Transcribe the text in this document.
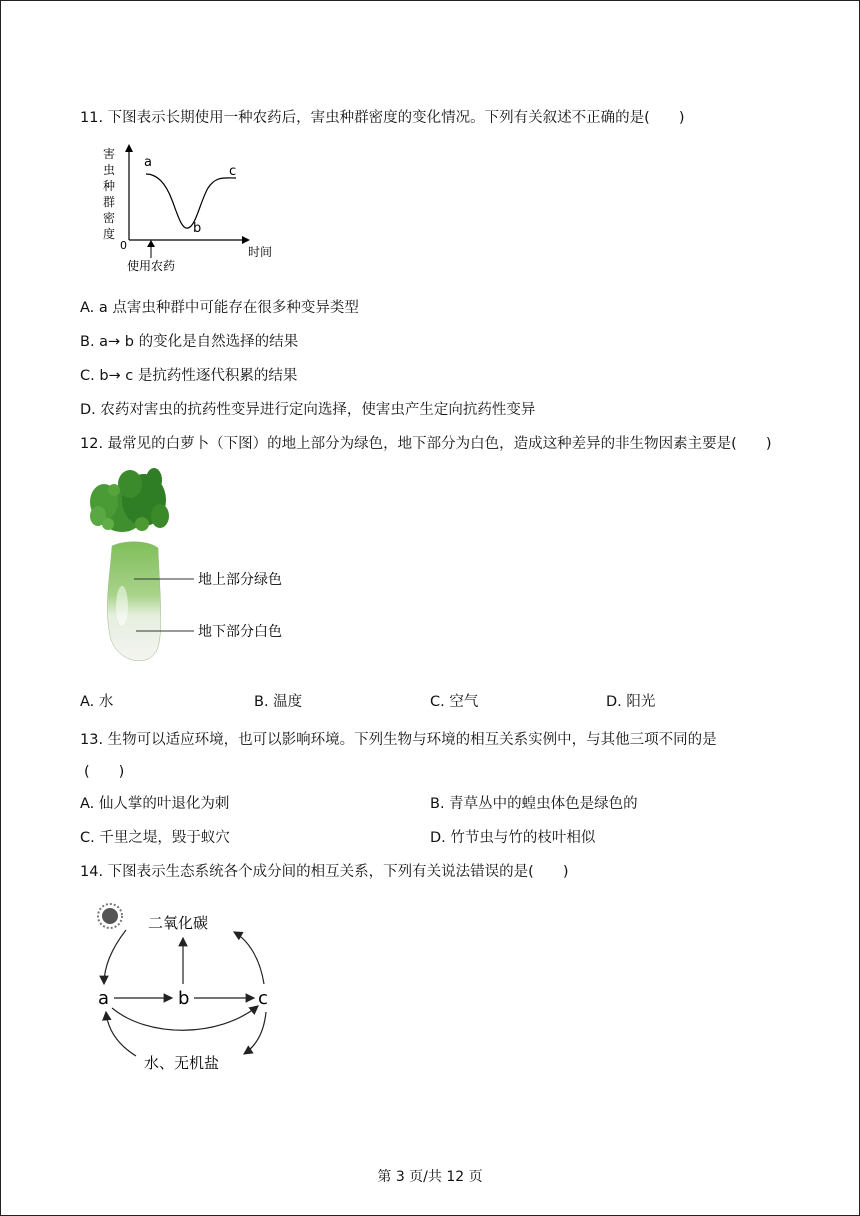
11. 下图表示长期使用一种农药后，害虫种群密度的变化情况。下列有关叙述不正确的是(　　)
害
虫
种
群
密
度
0	时间
使用农药
a
b
c
A. a 点害虫种群中可能存在很多种变异类型
B. a→ b 的变化是自然选择的结果
C. b→ c 是抗药性逐代积累的结果
D. 农药对害虫的抗药性变异进行定向选择，使害虫产生定向抗药性变异
12. 最常见的白萝卜（下图）的地上部分为绿色，地下部分为白色，造成这种差异的非生物因素主要是(　　)
地上部分绿色
地下部分白色
A. 水	B. 温度	C. 空气	D. 阳光
13. 生物可以适应环境，也可以影响环境。下列生物与环境的相互关系实例中，与其他三项不同的是
(　　)
A. 仙人掌的叶退化为刺	B. 青草丛中的蝗虫体色是绿色的
C. 千里之堤，毁于蚁穴	D. 竹节虫与竹的枝叶相似
14. 下图表示生态系统各个成分间的相互关系，下列有关说法错误的是(　　)
二氧化碳
a	b	c
水、无机盐
第 3 页/共 12 页
